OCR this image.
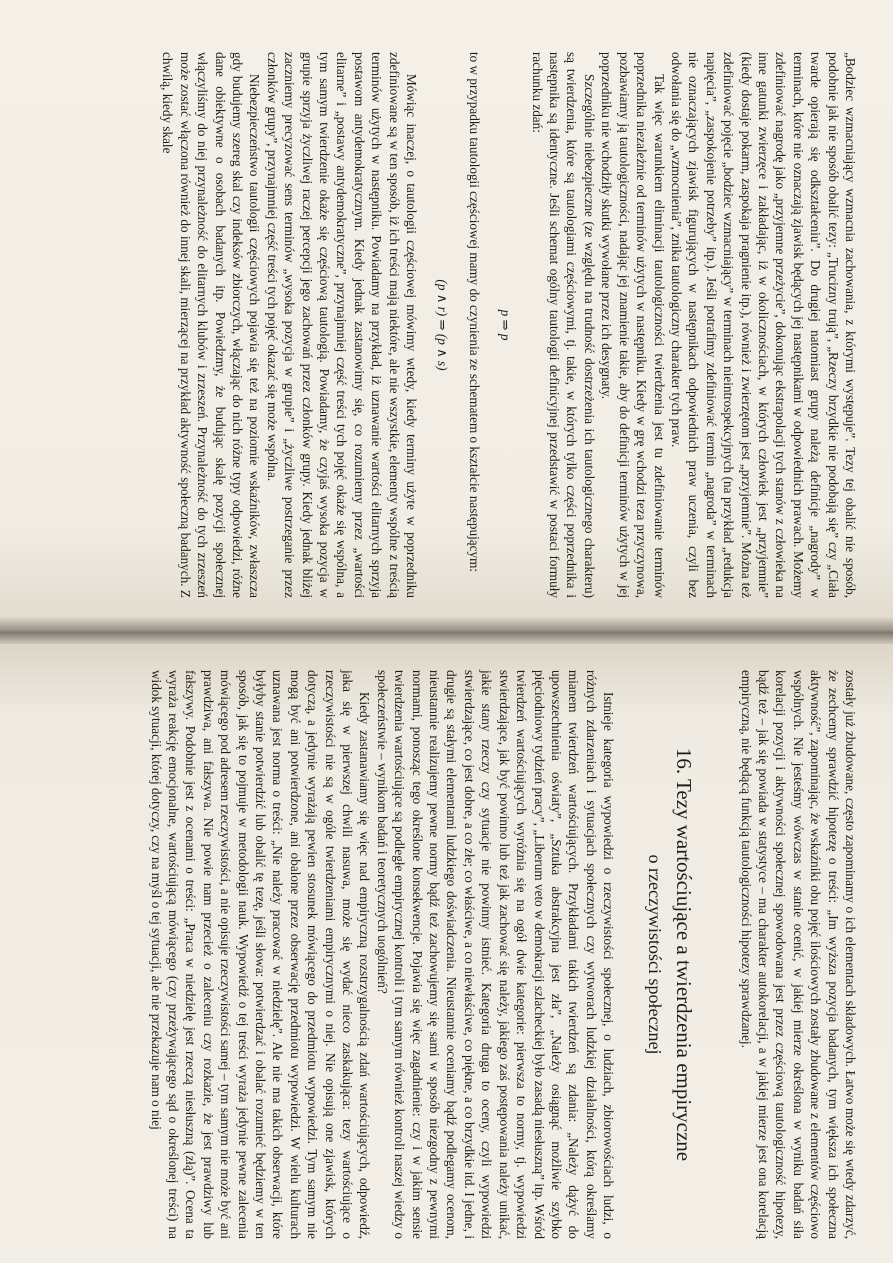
„Bodziec wzmacniający wzmacnia zachowania, z którymi występuje”. Tezy tej obalić nie sposób, podobnie jak nie sposób obalić tezy: „Trucizny trują”, „Rzeczy brzydkie nie podobają się” czy „Ciała twarde opierają się odkształceniu”. Do drugiej natomiast grupy należą definicje „nagrody” w terminach, które nie oznaczają zjawisk będących jej następnikami w odpowiednich prawach. Możemy zdefiniować nagrodę jako „przyjemne przeżycie”, dokonując ekstrapolacji tych stanów z człowieka na inne gatunki zwierzęce i zakładając, iż w okolicznościach, w których człowiek jest „przyjemnie” (kiedy dostaje pokarm, zaspokaja pragnienie itp.), również i zwierzętom jest „przyjemnie”. Można też zdefiniować pojęcie „bodziec wzmacniający” w terminach nieintrospekcyjnych (na przykład „redukcja napięcia”, „zaspokojenie potrzeby” itp.). Jeśli potrafimy zdefiniować termin „nagroda” w terminach nie oznaczających zjawisk figurujących w następnikach odpowiednich praw uczenia, czyli bez odwołania się do „wzmocnienia”, znika tautologiczny charakter tych praw.

Tak więc warunkiem eliminacji tautologiczności twierdzenia jest tu zdefiniowanie terminów poprzednika niezależnie od terminów użytych w następniku. Kiedy w grę wchodzi teza przyczynowa, pozbawiamy ją tautologiczności, nadając jej znamienie takie, aby do definicji terminów użytych w jej poprzedniku nie wchodziły skutki wywołane przez ich desygnaty.

Szczególnie niebezpieczne (ze względu na trudność dostrzeżenia ich tautologicznego charakteru) są twierdzenia, które są tautologiami częściowymi, tj. takie, w których tylko części poprzednika i następnika są identyczne. Jeśli schemat ogólny tautologii definicyjnej przedstawić w postaci formuły rachunku zdań:

p ⇒ p

to w przypadku tautologii częściowej mamy do czynienia ze schematem o kształcie następującym:

(p ∧ r) ⇒ (p ∧ s)

Mówiąc inaczej, o tautologii częściowej mówimy wtedy, kiedy terminy użyte w poprzedniku zdefiniowane są w ten sposób, iż ich treści mają niektóre, ale nie wszystkie, elementy wspólne z treścią terminów użytych w następniku. Powiadamy na przykład, iż uznawanie wartości elitarnych sprzyja postawom antydemokratycznym. Kiedy jednak zastanowimy się, co rozumiemy przez „wartości elitarne” i „postawy antydemokratyczne”, przynajmniej część treści tych pojęć okaże się wspólna, a tym samym twierdzenie okaże się częściową tautologią. Powiadamy, że czyjaś wysoka pozycja w grupie sprzyja życzliwej raczej percepcji jego zachowań przez członków grupy. Kiedy jednak bliżej zaczniemy precyzować sens terminów „wysoka pozycja w grupie” i „życzliwe postrzeganie przez członków grupy”, przynajmniej część treści tych pojęć okazać się może wspólna.

Niebezpieczeństwo tautologii częściowych pojawia się też na poziomie wskaźników, zwłaszcza gdy budujemy szereg skal czy indeksów zbiorczych, włączając do nich różne typy odpowiedzi, różne dane obiektywne o osobach badanych itp. Powiedzmy, że budując skalę pozycji społecznej włączyliśmy do niej przynależność do elitarnych klubów i zrzeszeń. Przynależność do tych zrzeszeń może zostać włączona również do innej skali, mierzącej na przykład aktywność społeczną badanych. Z chwilą, kiedy skale

zostały już zbudowane, często zapominamy o ich elementach składowych. Łatwo może się wtedy zdarzyć, że zechcemy sprawdzić hipotezę o treści: „Im wyższa pozycja badanych, tym większa ich społeczna aktywność”, zapominając, że wskaźniki obu pojęć ilościowych zostały zbudowane z elementów częściowo wspólnych. Nie jesteśmy wówczas w stanie ocenić, w jakiej mierze określona w wyniku badań siła korelacji pozycji i aktywności społecznej spowodowana jest przez częściową tautologiczność hipotezy, bądź też – jak się powiada w statystyce – ma charakter autokorelacji, a w jakiej mierze jest ona korelacją empiryczną, nie będącą funkcją tautologiczności hipotezy sprawdzanej.

16. Tezy wartościujące a twierdzenia empiryczne

o rzeczywistości społecznej

Istnieje kategoria wypowiedzi o rzeczywistości społecznej, o ludziach, zbiorowościach ludzi, o różnych zdarzeniach i sytuacjach społecznych czy wytworach ludzkiej działalności, którą określamy mianem twierdzeń wartościujących. Przykładami takich twierdzeń są zdania: „Należy dążyć do upowszechnienia oświaty”, „Sztuka abstrakcyjna jest zła”, „Należy osiągnąć możliwie szybko pięciodniowy tydzień pracy”, „Liberum veto w demokracji szlacheckiej było zasadą niesłuszną” itp. Wśród twierdzeń wartościujących wyróżnia się na ogół dwie kategorie: pierwsza to normy, tj. wypowiedzi stwierdzające, jak być powinno lub też jak zachować się należy, jakiego zaś postępowania należy unikać, jakie stany rzeczy czy sytuacje nie powinny istnieć. Kategoria druga to oceny, czyli wypowiedzi stwierdzające, co jest dobre, a co złe; co właściwe, a co niewłaściwe, co piękne, a co brzydkie itd. I jedne, i drugie są stałymi elementami ludzkiego doświadczenia. Nieustannie oceniamy bądź podlegamy ocenom, nieustannie realizujemy pewne normy bądź też zachowujemy się sami w sposób niezgodny z pewnymi normami, ponosząc tego określone konsekwencje. Pojawia się więc zagadnienie: czy i w jakim sensie twierdzenia wartościujące są podległe empirycznej kontroli i tym samym również kontroli naszej wiedzy o społeczeństwie – wynikom badań i teoretycznych uogólnień?

Kiedy zastanawiamy się więc nad empiryczną rozstrzygalnością zdań wartościujących, odpowiedź, jaka się w pierwszej chwili nasuwa, może się wydać nieco zaskakująca: tezy wartościujące o rzeczywistości nie są w ogóle twierdzeniami empirycznymi o niej. Nie opisują one zjawisk, których dotyczą, a jedynie wyrażają pewien stosunek mówiącego do przedmiotu wypowiedzi. Tym samym nie mogą być ani potwierdzone, ani obalone przez obserwację przedmiotu wypowiedzi. W wielu kulturach uznawana jest norma o treści: „Nie należy pracować w niedzielę”. Ale nie ma takich obserwacji, które byłyby stanie potwierdzić lub obalić tę tezę, jeśli słowa: potwierdzać i obalać rozumieć będziemy w ten sposób, jak się to pojmuje w metodologii nauk. Wypowiedź o tej treści wyraża jedynie pewne zalecenia mówiącego pod adresem rzeczywistości, a nie opisuje rzeczywistości samej – tym samym nie może być ani prawdziwa, ani fałszywa. Nie powie nam przecież o zaleceniu czy rozkazie, że jest prawdziwy lub fałszywy. Podobnie jest z ocenami o treści: „Praca w niedzielę jest rzeczą niesłuszną (złą)”. Ocena ta wyraża reakcję emocjonalne, wartościującą mówiącego (czy przeżywającego sąd o określonej treści) na widok sytuacji, której dotyczy, czy na myśl o tej sytuacji, ale nie przekazuje nam o niej
